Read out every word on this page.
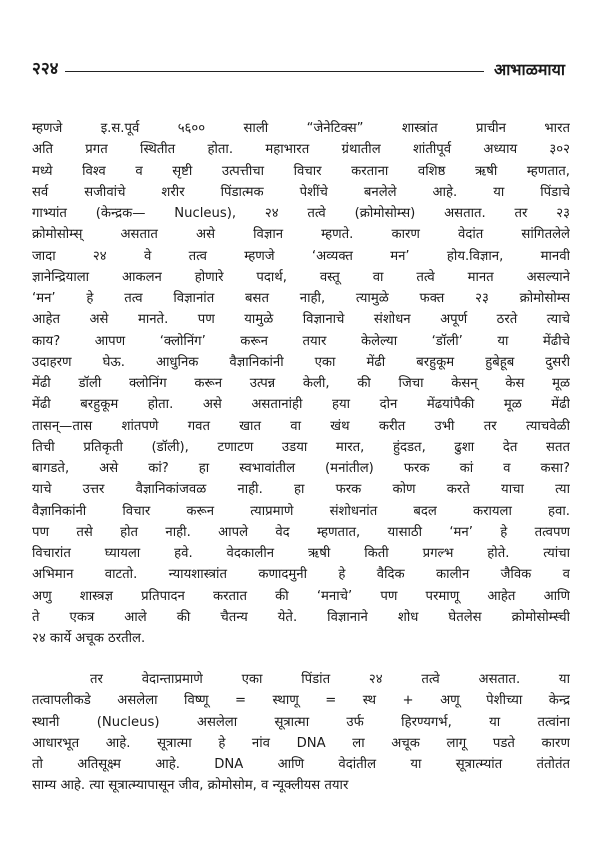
२२४	आभाळमाया

म्हणजे इ.स.पूर्व ५६०० साली “जेनेटिक्स” शास्त्रांत प्राचीन भारत
अति प्रगत स्थितीत होता. महाभारत ग्रंथातील शांतीपूर्व अध्याय ३०२
मध्ये विश्व व सृष्टी उत्पत्तीचा विचार करताना वशिष्ठ ऋषी म्हणतात,
सर्व सजीवांचे शरीर पिंडात्मक पेशींचे बनलेले आहे. या पिंडाचे
गाभ्यांत (केन्द्रक— Nucleus), २४ तत्वे (क्रोमोसोम्स) असतात. तर २३
क्रोमोसोम्स् असतात असे विज्ञान म्हणते. कारण वेदांत सांगितलेले
जादा २४ वे तत्व म्हणजे ‘अव्यक्त मन’ होय.विज्ञान, मानवी
ज्ञानेन्द्रियाला आकलन होणारे पदार्थ, वस्तू वा तत्वे मानत असल्याने
‘मन’ हे तत्व विज्ञानांत बसत नाही, त्यामुळे फक्त २३ क्रोमोसोम्स
आहेत असे मानते. पण यामुळे विज्ञानाचे संशोधन अपूर्ण ठरते त्याचे
काय? आपण ‘क्लोनिंग’ करून तयार केलेल्या ‘डॉली’ या मेंढीचे
उदाहरण घेऊ. आधुनिक वैज्ञानिकांनी एका मेंढी बरहुकूम हुबेहूब दुसरी
मेंढी डॉली क्लोनिंग करून उत्पन्न केली, की जिचा केसन् केस मूळ
मेंढी बरहुकूम होता. असे असतानांही हया दोन मेंढयांपैकी मूळ मेंढी
तासन्—तास शांतपणे गवत खात वा खंथ करीत उभी तर त्याचवेळी
तिची प्रतिकृती (डॉली), टणाटण उडया मारत, हुंदडत, ढुशा देत सतत
बागडते, असे कां? हा स्वभावांतील (मनांतील) फरक कां व कसा?
याचे उत्तर वैज्ञानिकांजवळ नाही. हा फरक कोण करते याचा त्या
वैज्ञानिकांनी विचार करून त्याप्रमाणे संशोधनांत बदल करायला हवा.
पण तसे होत नाही. आपले वेद म्हणतात, यासाठी ‘मन’ हे तत्वपण
विचारांत घ्यायला हवे. वेदकालीन ऋषी किती प्रगल्भ होते. त्यांचा
अभिमान वाटतो. न्यायशास्त्रांत कणादमुनी हे वैदिक कालीन जैविक व
अणु शास्त्रज्ञ प्रतिपादन करतात की ‘मनाचे’ पण परमाणू आहेत आणि
ते एकत्र आले की चैतन्य येते. विज्ञानाने शोध घेतलेस क्रोमोसोम्स्ची
२४ कार्ये अचूक ठरतील.

तर वेदान्ताप्रमाणे एका पिंडांत २४ तत्वे असतात. या
तत्वापलीकडे असलेला विष्णू = स्थाणू = स्थ + अणू पेशीच्या केन्द्र
स्थानी (Nucleus) असलेला सूत्रात्मा उर्फ हिरण्यगर्भ, या तत्वांना
आधारभूत आहे. सूत्रात्मा हे नांव DNA ला अचूक लागू पडते कारण
तो अतिसूक्ष्म आहे. DNA आणि वेदांतील या सूत्रात्म्यांत तंतोतंत
साम्य आहे. त्या सूत्रात्म्यापासून जीव, क्रोमोसोम, व न्यूक्लीयस तयार
